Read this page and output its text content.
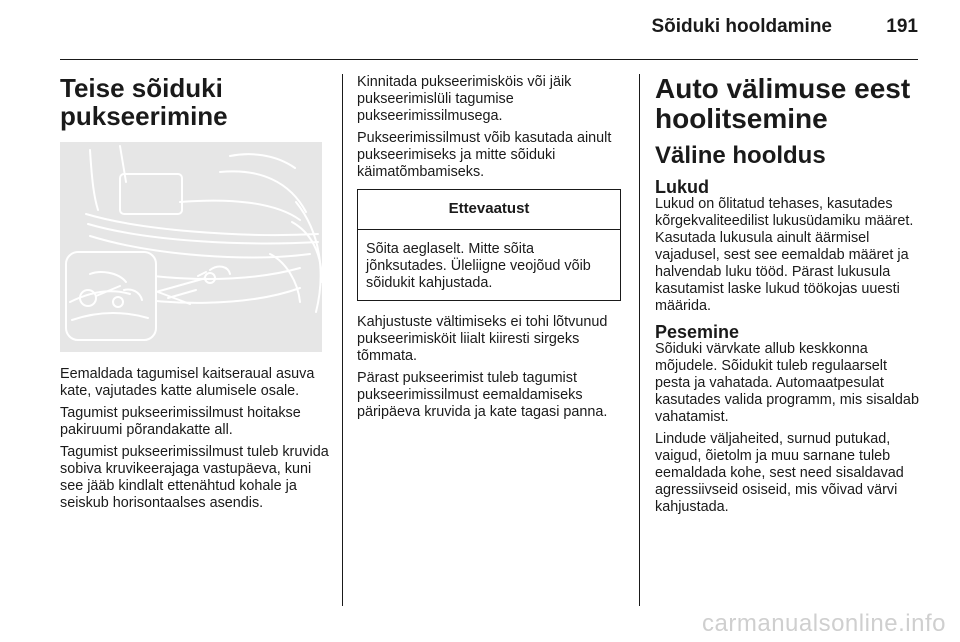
Sõiduki hooldamine	191
Teise sõiduki pukseerimine

Eemaldada tagumisel kaitseraual asuva kate, vajutades katte alumisele osale.

Tagumist pukseerimissilmust hoitakse pakiruumi põrandakatte all.

Tagumist pukseerimissilmust tuleb kruvida sobiva kruvikeerajaga vastupäeva, kuni see jääb kindlalt ettenähtud kohale ja seiskub horisontaalses asendis.

Kinnitada pukseerimisköis või jäik pukseerimislüli tagumise pukseerimissilmusega.

Pukseerimissilmust võib kasutada ainult pukseerimiseks ja mitte sõiduki käimatõmbamiseks.

Ettevaatust

Sõita aeglaselt. Mitte sõita jõnksutades. Üleliigne veojõud võib sõidukit kahjustada.

Kahjustuste vältimiseks ei tohi lõtvunud pukseerimisköit liialt kiiresti sirgeks tõmmata.

Pärast pukseerimist tuleb tagumist pukseerimissilmust eemaldamiseks päripäeva kruvida ja kate tagasi panna.

Auto välimuse eest hoolitsemine
Väline hooldus
Lukud

Lukud on õlitatud tehases, kasutades kõrgekvaliteedilist lukusüdamiku määret. Kasutada lukusula ainult äärmisel vajadusel, sest see eemaldab määret ja halvendab luku tööd. Pärast lukusula kasutamist laske lukud töökojas uuesti määrida.

Pesemine

Sõiduki värvkate allub keskkonna mõjudele. Sõidukit tuleb regulaarselt pesta ja vahatada. Automaatpesulat kasutades valida programm, mis sisaldab vahatamist.

Lindude väljaheited, surnud putukad, vaigud, õietolm ja muu sarnane tuleb eemaldada kohe, sest need sisaldavad agressiivseid osiseid, mis võivad värvi kahjustada.

carmanualsonline.info
